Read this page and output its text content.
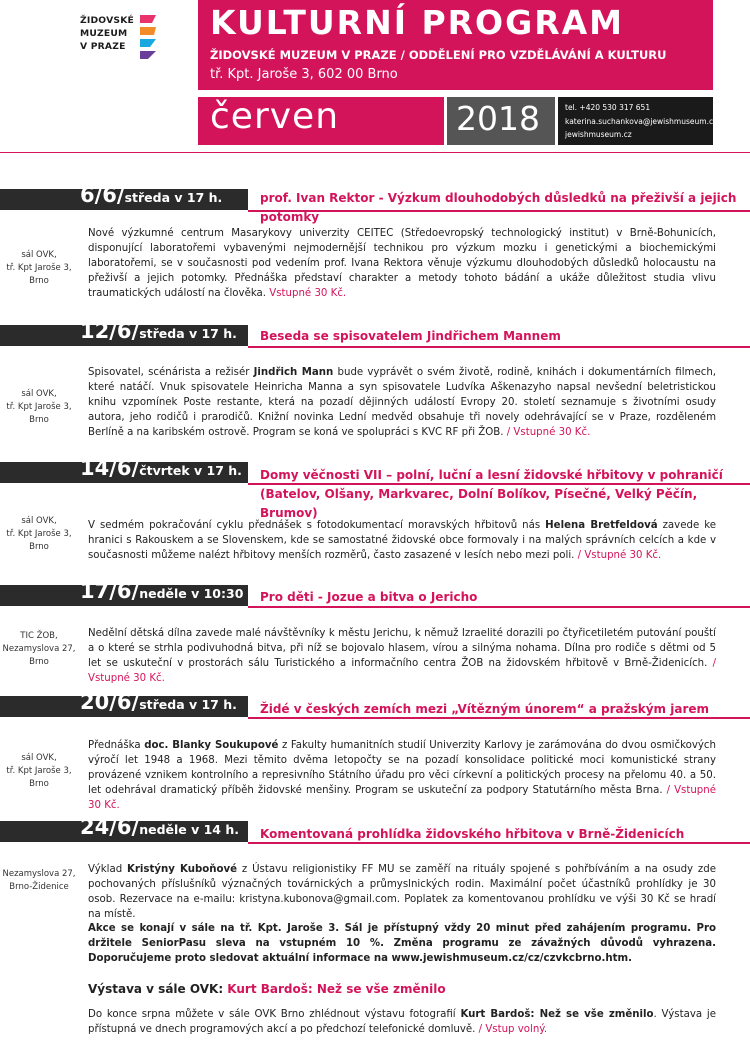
ŽIDOVSKÉ
MUZEUM
V PRAZE
KULTURNÍ PROGRAM
ŽIDOVSKÉ MUZEUM V PRAZE / ODDĚLENÍ PRO VZDĚLÁVÁNÍ A KULTURU
tř. Kpt. Jaroše 3, 602 00 Brno
červen	2018	tel. +420 530 317 651
katerina.suchankova@jewishmuseum.cz,
jewishmuseum.cz
6/6/středa v 17 h.	prof. Ivan Rektor - Výzkum dlouhodobých důsledků na přeživší a jejich potomky
sál OVK,
tř. Kpt Jaroše 3,
Brno
Nové výzkumné centrum Masarykovy univerzity CEITEC (Středoevropský technologický institut) v Brně-Bohunicích, disponující laboratořemi vybavenými nejmodernější technikou pro výzkum mozku i genetickými a biochemickými laboratořemi, se v současnosti pod vedením prof. Ivana Rektora věnuje výzkumu dlouhodobých důsledků holocaustu na přeživší a jejich potomky. Přednáška představí charakter a metody tohoto bádání a ukáže důležitost studia vlivu traumatických událostí na člověka. Vstupné 30 Kč.
12/6/středa v 17 h. Beseda se spisovatelem Jindřichem Mannem
sál OVK,
tř. Kpt Jaroše 3,
Brno
Spisovatel, scénárista a režisér Jindřich Mann bude vyprávět o svém životě, rodině, knihách i dokumentárních filmech, které natáčí. Vnuk spisovatele Heinricha Manna a syn spisovatele Ludvíka Aškenazyho napsal nevšední beletristickou knihu vzpomínek Poste restante, která na pozadí dějinných událostí Evropy 20. století seznamuje s životními osudy autora, jeho rodičů i prarodičů. Knižní novinka Lední medvěd obsahuje tři novely odehrávající se v Praze, rozděleném Berlíně a na karibském ostrově. Program se koná ve spolupráci s KVC RF při ŽOB. / Vstupné 30 Kč.
14/6/čtvrtek v 17 h. Domy věčnosti VII – polní, luční a lesní židovské hřbitovy v pohraničí
(Batelov, Olšany, Markvarec, Dolní Bolíkov, Písečné, Velký Pěčín, Brumov)
sál OVK,
tř. Kpt Jaroše 3,
Brno
V sedmém pokračování cyklu přednášek s fotodokumentací moravských hřbitovů nás Helena Bretfeldová zavede ke hranici s Rakouskem a se Slovenskem, kde se samostatné židovské obce formovaly i na malých správních celcích a kde v současnosti můžeme nalézt hřbitovy menších rozměrů, často zasazené v lesích nebo mezi poli. / Vstupné 30 Kč.
17/6/neděle v 10:30 h.
Pro děti - Jozue a bitva o Jericho
TIC ŽOB,
Nezamyslova 27,
Brno
Nedělní dětská dílna zavede malé návštěvníky k městu Jerichu, k němuž Izraelité dorazili po čtyřicetiletém putování pouští a o které se strhla podivuhodná bitva, při níž se bojovalo hlasem, vírou a silnýma nohama. Dílna pro rodiče s dětmi od 5 let se uskuteční v prostorách sálu Turistického a informačního centra ŽOB na židovském hřbitově v Brně-Židenicích. / Vstupné 30 Kč.
20/6/středa v 17 h. Židé v českých zemích mezi „Vítězným únorem“ a pražským jarem
sál OVK,
tř. Kpt Jaroše 3,
Brno
Přednáška doc. Blanky Soukupové z Fakulty humanitních studií Univerzity Karlovy je zarámována do dvou osmičkových výročí let 1948 a 1968. Mezi těmito dvěma letopočty se na pozadí konsolidace politické moci komunistické strany provázené vznikem kontrolního a represivního Státního úřadu pro věci církevní a politických procesy na přelomu 40. a 50. let odehrával dramatický příběh židovské menšiny. Program se uskuteční za podpory Statutárního města Brna. / Vstupné 30 Kč.
24/6/neděle v 14 h. Komentovaná prohlídka židovského hřbitova v Brně-Židenicích
Nezamyslova 27,
Brno-Židenice
Výklad Kristýny Kuboňové z Ústavu religionistiky FF MU se zaměří na rituály spojené s pohřbíváním a na osudy zde pochovaných příslušníků význačných továrnických a průmyslnických rodin. Maximální počet účastníků prohlídky je 30 osob. Rezervace na e-mailu: kristyna.kubonova@gmail.com. Poplatek za komentovanou prohlídku ve výši 30 Kč se hradí na místě.
Akce se konají v sále na tř. Kpt. Jaroše 3. Sál je přístupný vždy 20 minut před zahájením programu. Pro držitele SeniorPasu sleva na vstupném 10 %. Změna programu ze závažných důvodů vyhrazena. Doporučujeme proto sledovat aktuální informace na www.jewishmuseum.cz/cz/czvkcbrno.htm.
Výstava v sále OVK: Kurt Bardoš: Než se vše změnilo
Do konce srpna můžete v sále OVK Brno zhlédnout výstavu fotografií Kurt Bardoš: Než se vše změnilo. Výstava je přístupná ve dnech programových akcí a po předchozí telefonické domluvě. / Vstup volný.
